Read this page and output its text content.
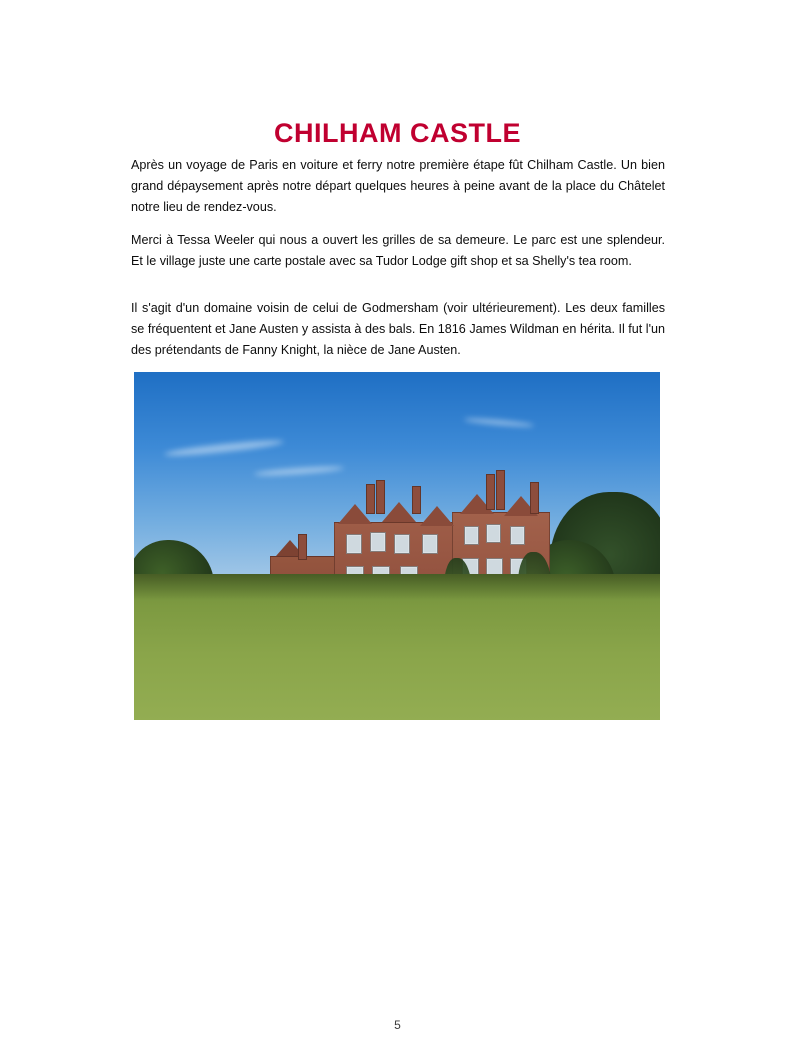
CHILHAM CASTLE

Après un voyage de Paris en voiture et ferry notre première étape fût Chilham Castle. Un bien grand dépaysement après notre départ quelques heures à peine avant de la place du Châtelet notre lieu de rendez-vous.

Merci à Tessa Weeler qui nous a ouvert les grilles de sa demeure. Le parc est une splendeur. Et le village juste une carte postale avec sa Tudor Lodge gift shop et sa Shelly's tea room.

Il s'agit d'un domaine voisin de celui de Godmersham (voir ultérieurement). Les deux familles se fréquentent et Jane Austen y assista à des bals. En 1816 James Wildman en hérita. Il fut l'un des prétendants de Fanny Knight, la nièce de Jane Austen.

5
